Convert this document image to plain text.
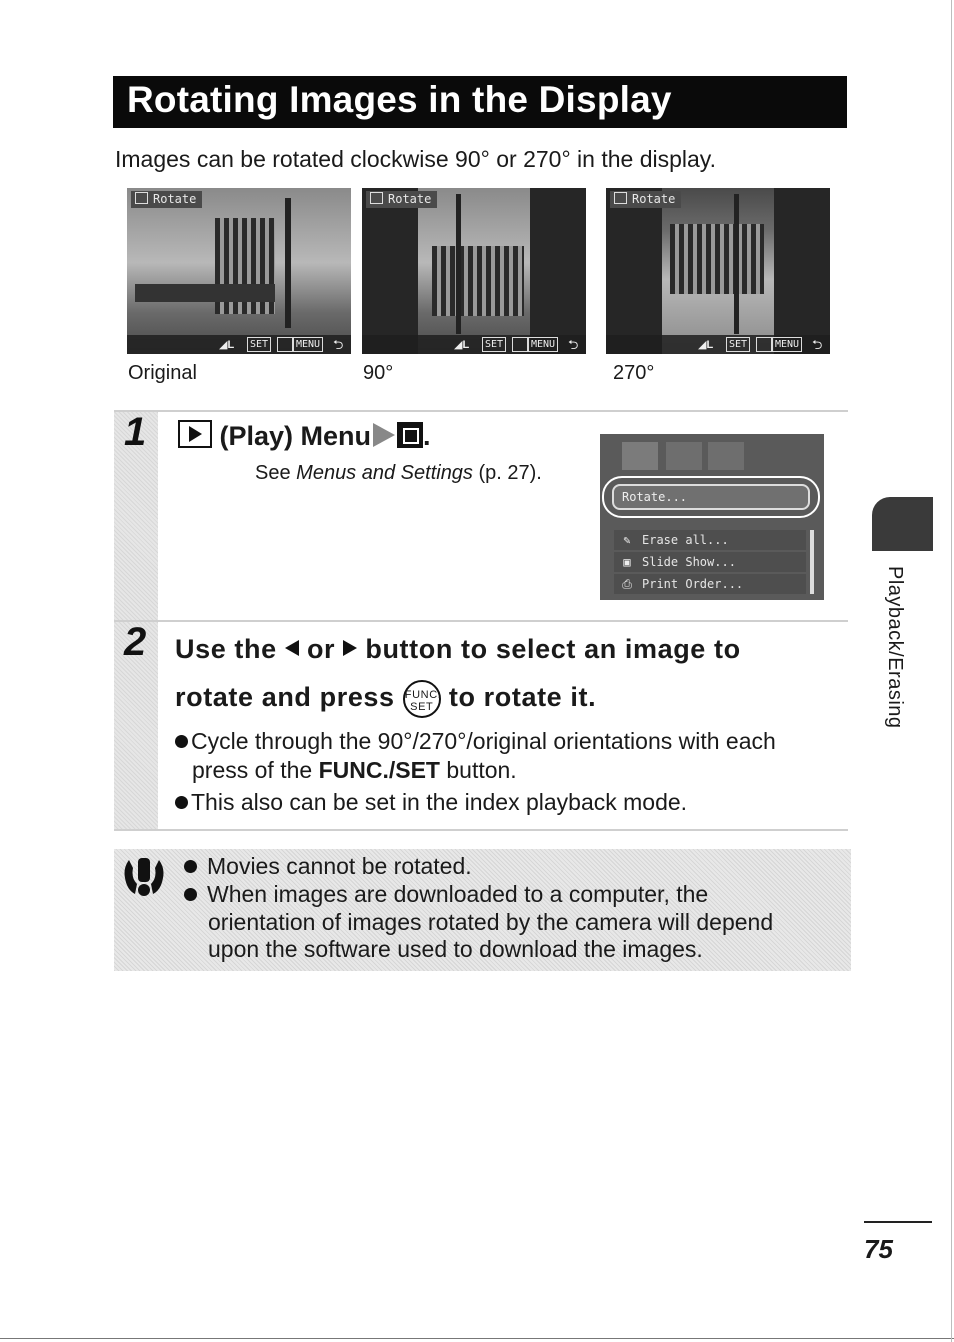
Rotating Images in the Display
Images can be rotated clockwise 90° or 270° in the display.
Rotate
◢L	SET	MENU ⮌
Original
Rotate
◢L	SET	MENU ⮌
90°
Rotate
◢L	SET	MENU ⮌
270°
1	(Play) Menu .
See Menus and Settings (p. 27).
Rotate...
✎ Erase all...
▣ Slide Show...
⎙ Print Order...
2 Use the or button to select an image to
rotate and press FUNC.
SET to rotate it.
Cycle through the 90°/270°/original orientations with each
press of the FUNC./SET button.
This also can be set in the index playback mode.
Movies cannot be rotated.
When images are downloaded to a computer, the
orientation of images rotated by the camera will depend
upon the software used to download the images.
Playback/Erasing
75
